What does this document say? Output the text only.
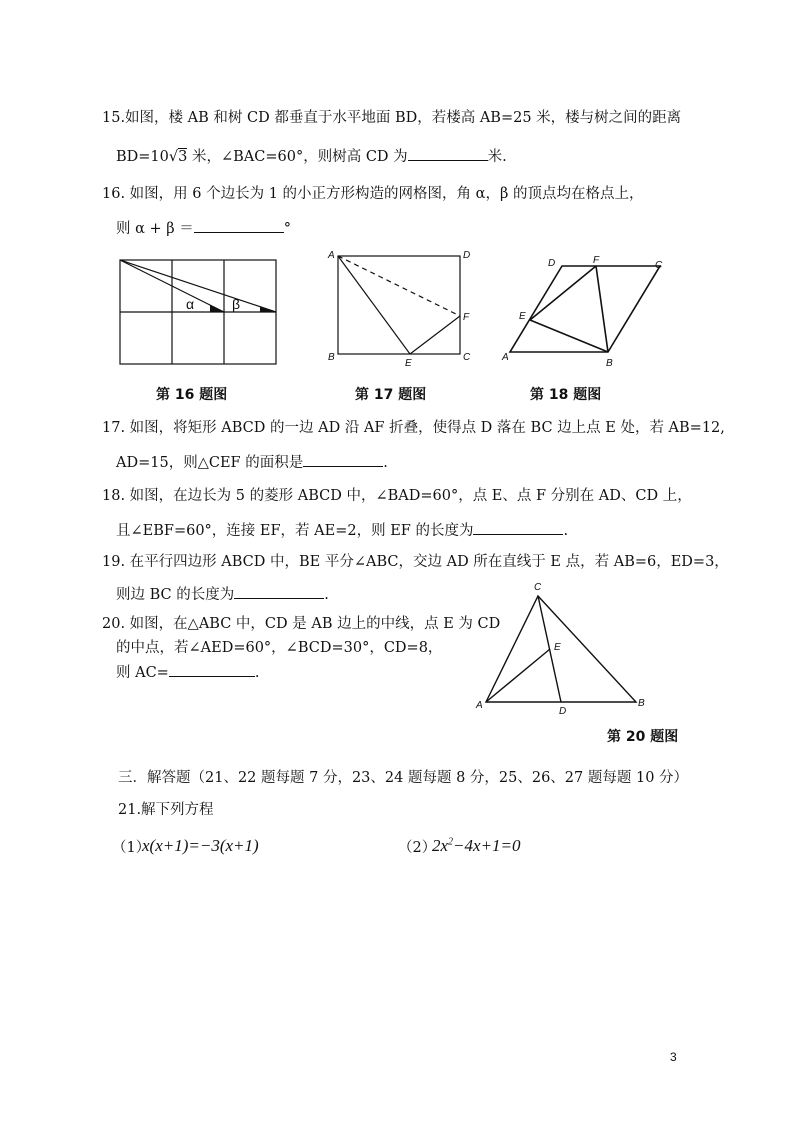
15.如图，楼 AB 和树 CD 都垂直于水平地面 BD，若楼高 AB=25 米，楼与树之间的距离
BD=10√3 米，∠BAC=60°，则树高 CD 为	米.
16. 如图，用 6 个边长为 1 的小正方形构造的网格图，角 α，β 的顶点均在格点上，
则 α + β ＝	°
α	β
A
B	C
D
E
F
A
B
C
D
E
F
第 16 题图	第 17 题图	第 18 题图
17. 如图，将矩形 ABCD 的一边 AD 沿 AF 折叠，使得点 D 落在 BC 边上点 E 处，若 AB=12,
AD=15，则△CEF 的面积是	.
18. 如图，在边长为 5 的菱形 ABCD 中，∠BAD=60°，点 E、点 F 分别在 AD、CD 上，
且∠EBF=60°，连接 EF，若 AE=2，则 EF 的长度为	.
19. 在平行四边形 ABCD 中，BE 平分∠ABC，交边 AD 所在直线于 E 点，若 AB=6，ED=3，
则边 BC 的长度为	.
20. 如图，在△ABC 中，CD 是 AB 边上的中线，点 E 为 CD
的中点，若∠AED=60°，∠BCD=30°，CD=8，
则 AC=	.
A	B
C
D
E
第 20 题图
三．解答题（21、22 题每题 7 分，23、24 题每题 8 分，25、26、27 题每题 10 分）
21.解下列方程
（1）
x(x+1)=−3(x+1)	（2）
$2x^2-4x+1=0$
3
